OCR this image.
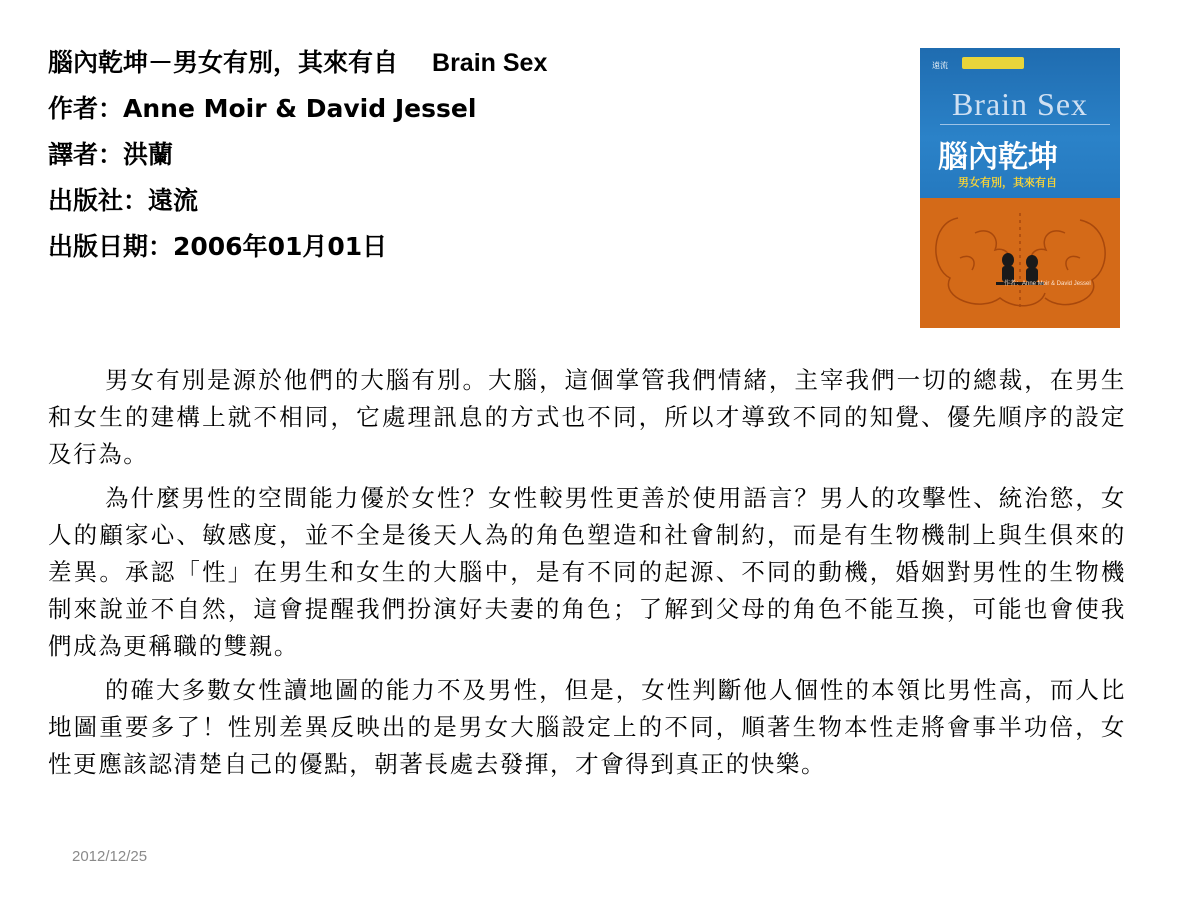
腦內乾坤－男女有別，其來有自 Brain Sex
作者：Anne Moir & David Jessel
譯者：洪蘭
出版社：遠流
出版日期：2006年01月01日
遠流
Brain Sex
腦內乾坤
男女有別，其來有自
作者：Anne Moir & David Jessel

男女有別是源於他們的大腦有別。大腦，這個掌管我們情緒，主宰我們一切的總裁，在男生和女生的建構上就不相同，它處理訊息的方式也不同，所以才導致不同的知覺、優先順序的設定及行為。

為什麼男性的空間能力優於女性？女性較男性更善於使用語言？男人的攻擊性、統治慾，女人的顧家心、敏感度，並不全是後天人為的角色塑造和社會制約，而是有生物機制上與生俱來的差異。承認「性」在男生和女生的大腦中，是有不同的起源、不同的動機，婚姻對男性的生物機制來說並不自然，這會提醒我們扮演好夫妻的角色；了解到父母的角色不能互換，可能也會使我們成為更稱職的雙親。

的確大多數女性讀地圖的能力不及男性，但是，女性判斷他人個性的本領比男性高，而人比地圖重要多了！性別差異反映出的是男女大腦設定上的不同，順著生物本性走將會事半功倍，女性更應該認清楚自己的優點，朝著長處去發揮，才會得到真正的快樂。

2012/12/25
